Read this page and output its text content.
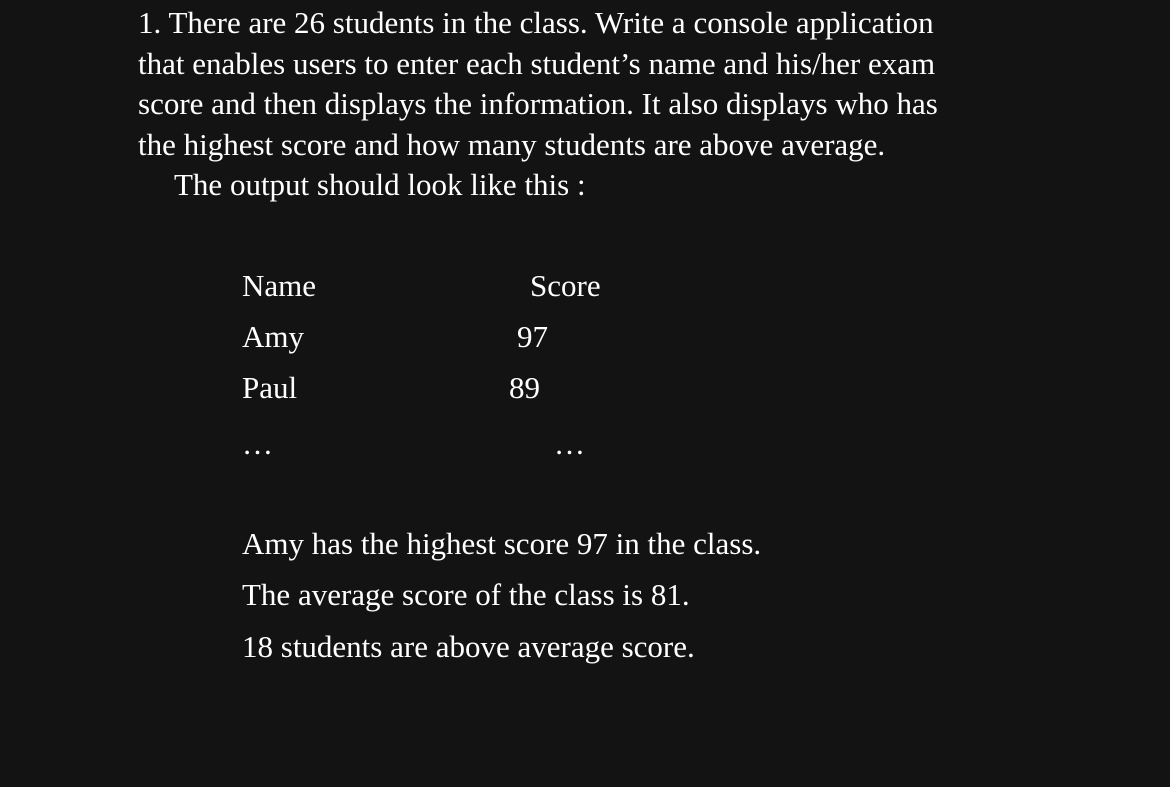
1. There are 26 students in the class. Write a console application
that enables users to enter each student’s name and his/her exam
score and then displays the information. It also displays who has
the highest score and how many students are above average.
The output should look like this :
Name	Score
Amy	97
Paul	89
…	…
Amy has the highest score 97 in the class.
The average score of the class is 81.
18 students are above average score.
